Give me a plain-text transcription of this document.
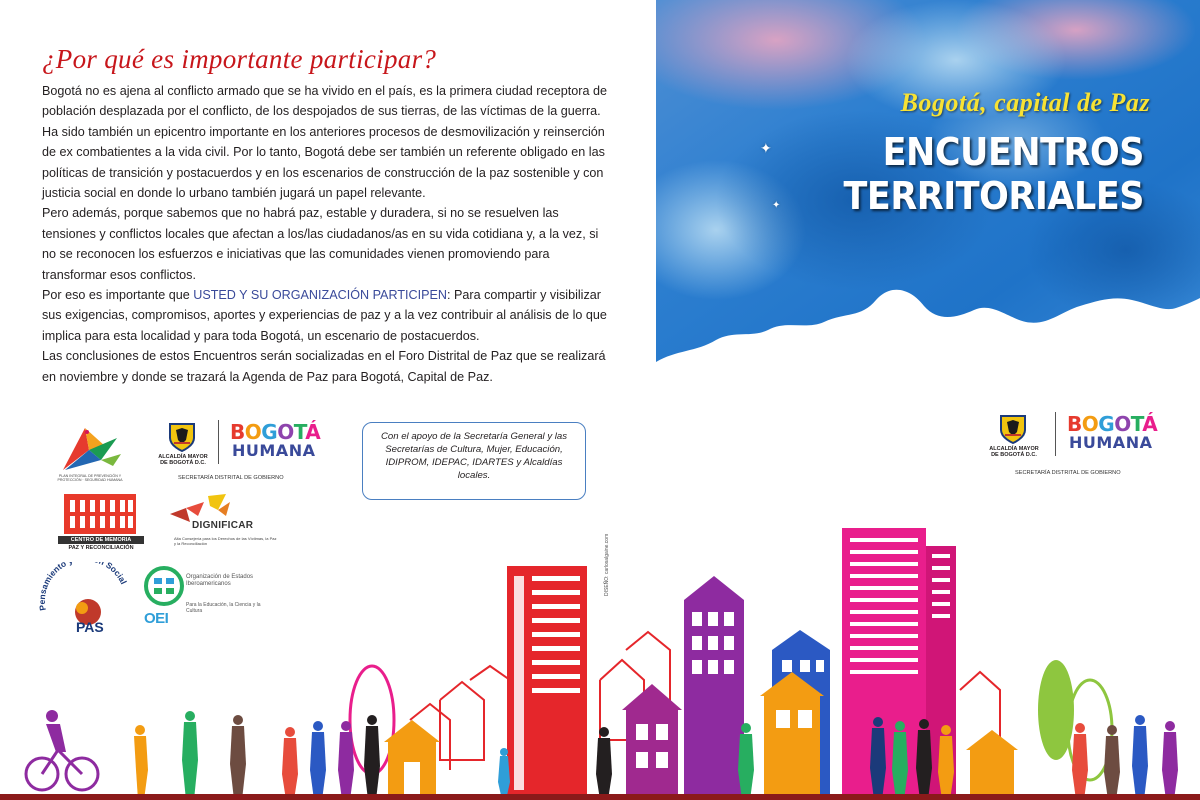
¿Por qué es importante participar?

Bogotá no es ajena al conflicto armado que se ha vivido en el país, es la primera ciudad receptora de población desplazada por el conflicto, de los despojados de sus tierras, de las víctimas de la guerra. Ha sido también un epicentro importante en los anteriores procesos de desmovilización y reinserción de ex combatientes a la vida civil. Por lo tanto, Bogotá debe ser también un referente obligado en las políticas de transición y postacuerdos y en los escenarios de construcción de la paz sostenible y con justicia social en donde lo urbano también jugará un papel relevante.

Pero además, porque sabemos que no habrá paz, estable y duradera, si no se resuelven las tensiones y conflictos locales que afectan a los/las ciudadanos/as en su vida cotidiana y, a la vez, si no se reconocen los esfuerzos e iniciativas que las comunidades vienen promoviendo para transformar esos conflictos.

Por eso es importante que USTED Y SU ORGANIZACIÓN PARTICIPEN: Para compartir y visibilizar sus exigencias, compromisos, aportes y experiencias de paz y a la vez contribuir al análisis de lo que implica para esta localidad y para toda Bogotá, un escenario de postacuerdos.

Las conclusiones de estos Encuentros serán socializadas en el Foro Distrital de Paz que se realizará en noviembre y donde se trazará la Agenda de Paz para Bogotá, Capital de Paz.

PLAN INTEGRAL DE PREVENCIÓN Y PROTECCIÓN · SEGURIDAD HUMANA
ALCALDÍA MAYOR DE BOGOTÁ D.C.
BOGOTÁ
HUMANA
SECRETARÍA DISTRITAL DE GOBIERNO
Con el apoyo de la Secretaría General y las Secretarías de Cultura, Mujer, Educación, IDIPROM, IDEPAC, IDARTES y Alcaldías locales.
CENTRO DE MEMORIA
PAZ Y RECONCILIACIÓN
DIGNIFICAR
Alta Consejería para los Derechos de las Víctimas, la Paz y la Reconciliación
Pensamiento Social
PAS	OEI
Organización de Estados Iberoamericanos
Para la Educación, la Ciencia y la Cultura
DISEÑO: carlosalgaine.com
Bogotá, capital de Paz
ENCUENTROS
TERRITORIALES
✦
✦
ALCALDÍA MAYOR DE BOGOTÁ D.C.
BOGOTÁ
HUMANA
SECRETARÍA DISTRITAL DE GOBIERNO
